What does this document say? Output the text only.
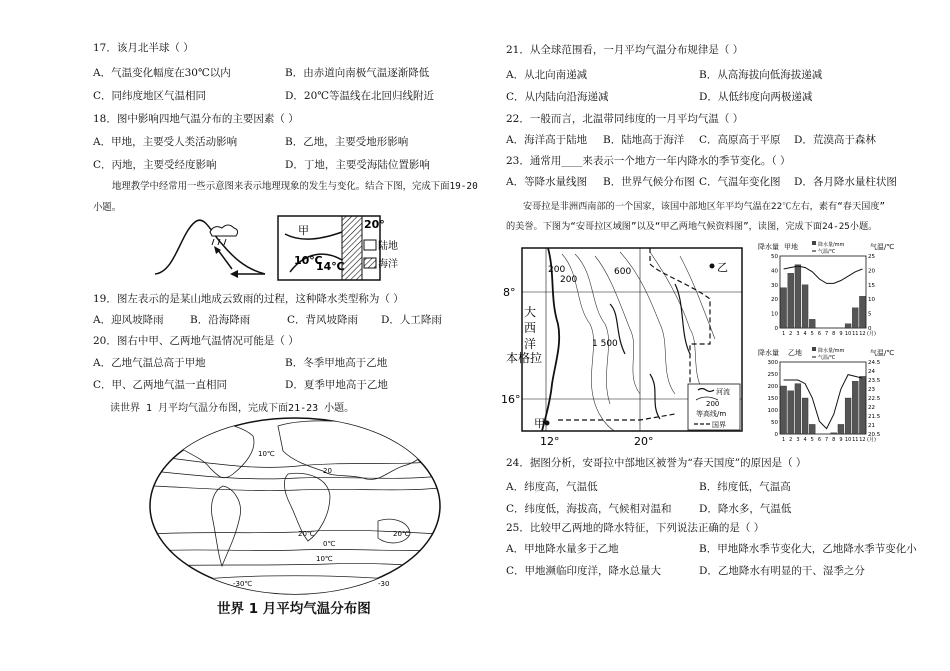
17．该月北半球（ ）
A．气温变化幅度在30℃以内	B．由赤道向南极气温逐渐降低
C．同纬度地区气温相同	D．20℃等温线在北回归线附近
18．图中影响四地气温分布的主要因素（ ）
A．甲地，主要受人类活动影响	B．乙地，主要受地形影响
C．丙地，主要受经度影响	D．丁地，主要受海陆位置影响
地理教学中经常用一些示意图来表示地理现象的发生与变化。结合下图，完成下面19-20
小题。
甲
10℃
14℃
20°
陆地
海洋
19．图左表示的是某山地成云致雨的过程，这种降水类型称为（ ）
A．迎风坡降雨	B．沿海降雨	C．背风坡降雨 D．人工降雨
20．图右中甲、乙两地气温情况可能是（ ）
A．乙地气温总高于甲地	B．冬季甲地高于乙地
C．甲、乙两地气温一直相同	D．夏季甲地高于乙地
读世界 1 月平均气温分布图，完成下面21-23 小题。
10℃
20
0℃
20℃
10℃
-30℃
20℃
-30
世界 1 月平均气温分布图
21．从全球范围看，一月平均气温分布规律是（ ）
A．从北向南递减	B．从高海拔向低海拔递减
C．从内陆向沿海递减	D．从低纬度向两极递减
22．一般而言，北温带同纬度的一月平均气温（ ）
A．海洋高于陆地 B．陆地高于海洋 C．高原高于平原 D．荒漠高于森林
23．通常用____来表示一个地方一年内降水的季节变化。（ ）
A．等降水量线图 B．世界气候分布图 C．气温年变化图 D．各月降水量柱状图
安哥拉是非洲西南部的一个国家，该国中部地区年平均气温在22℃左右，素有“春天国度”
的美誉。下图为“安哥拉区域图”以及“甲乙两地气候资料图”，读图，完成下面24-25小题。
200
200
600
1 500
乙
甲
8°
16°
12°	20°
大
西
洋
本格拉
河流
200
等高线/m
国界
降水量 甲地	气温/℃
降水量/mm
气温/℃
50
40
30
20
10
0
25
20
15
10
5
0
1 2 3 4 5 6 7 8 9 10 11 12 (月)
降水量 乙地	气温/℃
降水量/mm
气温/℃
300
250
200
150
100
50
0
24.5
24
23.5
23
22.5
22
21.5
21
20.5
1 2 3 4 5 6 7 8 9 10 11 12 (月)
24．据图分析，安哥拉中部地区被誉为“春天国度”的原因是（ ）
A．纬度高，气温低	B．纬度低，气温高
C．纬度低，海拔高，气候相对温和	D．降水多，气温低
25．比较甲乙两地的降水特征，下列说法正确的是（ ）
A．甲地降水量多于乙地	B．甲地降水季节变化大，乙地降水季节变化小
C．甲地濒临印度洋，降水总量大	D．乙地降水有明显的干、湿季之分
